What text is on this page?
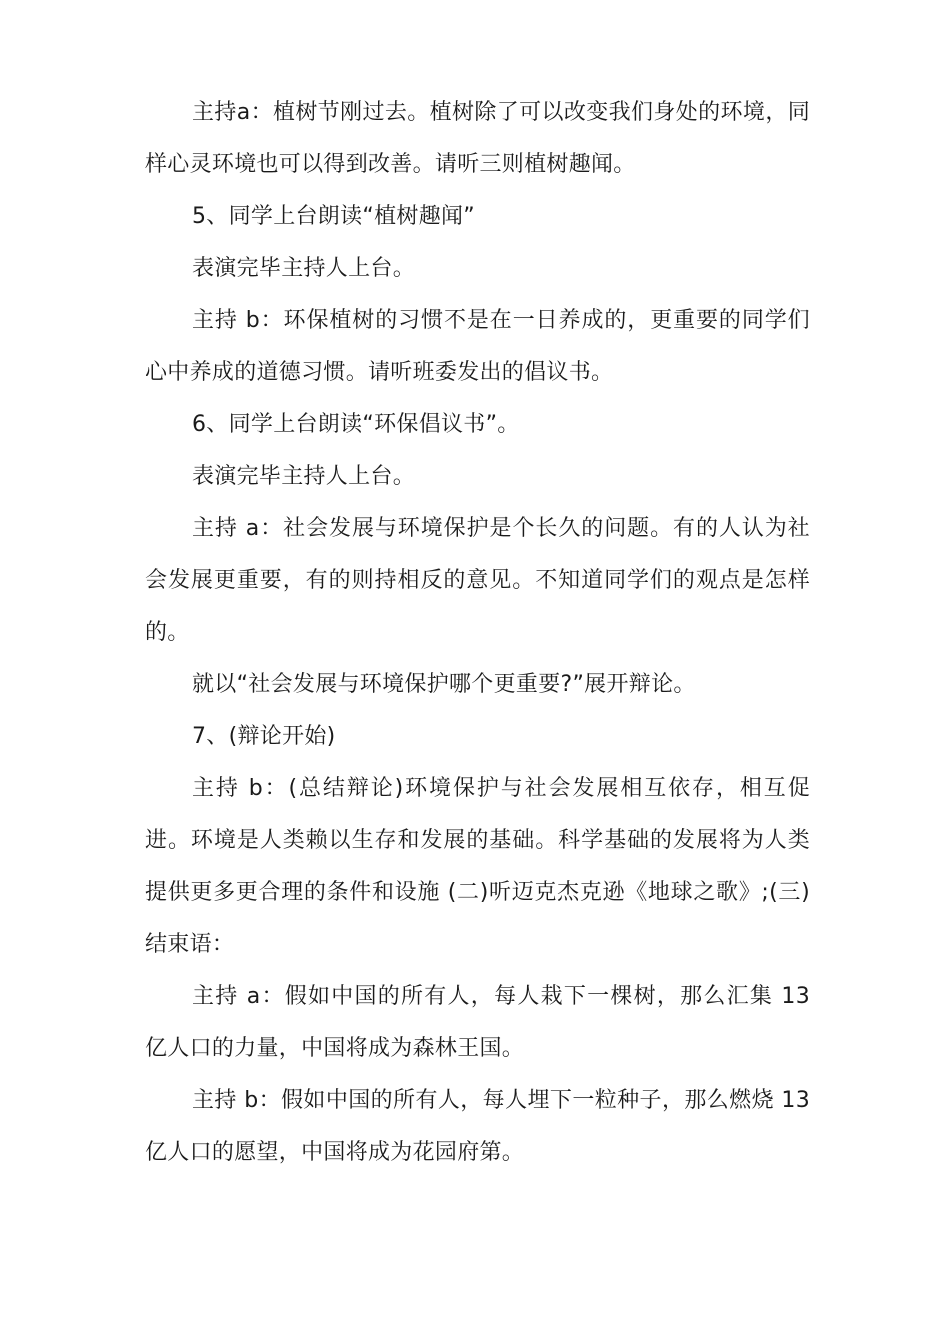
主持a：植树节刚过去。植树除了可以改变我们身处的环境，同样心灵环境也可以得到改善。请听三则植树趣闻。

5、同学上台朗读“植树趣闻”

表演完毕主持人上台。

主持 b：环保植树的习惯不是在一日养成的，更重要的同学们心中养成的道德习惯。请听班委发出的倡议书。

6、同学上台朗读“环保倡议书”。

表演完毕主持人上台。

主持 a：社会发展与环境保护是个长久的问题。有的人认为社会发展更重要，有的则持相反的意见。不知道同学们的观点是怎样的。

就以“社会发展与环境保护哪个更重要?”展开辩论。

7、(辩论开始)

主持 b：(总结辩论)环境保护与社会发展相互依存，相互促进。环境是人类赖以生存和发展的基础。科学基础的发展将为人类提供更多更合理的条件和设施 (二)听迈克杰克逊《地球之歌》;(三)结束语：

主持 a：假如中国的所有人，每人栽下一棵树，那么汇集 13 亿人口的力量，中国将成为森林王国。

主持 b：假如中国的所有人，每人埋下一粒种子，那么燃烧 13 亿人口的愿望，中国将成为花园府第。
